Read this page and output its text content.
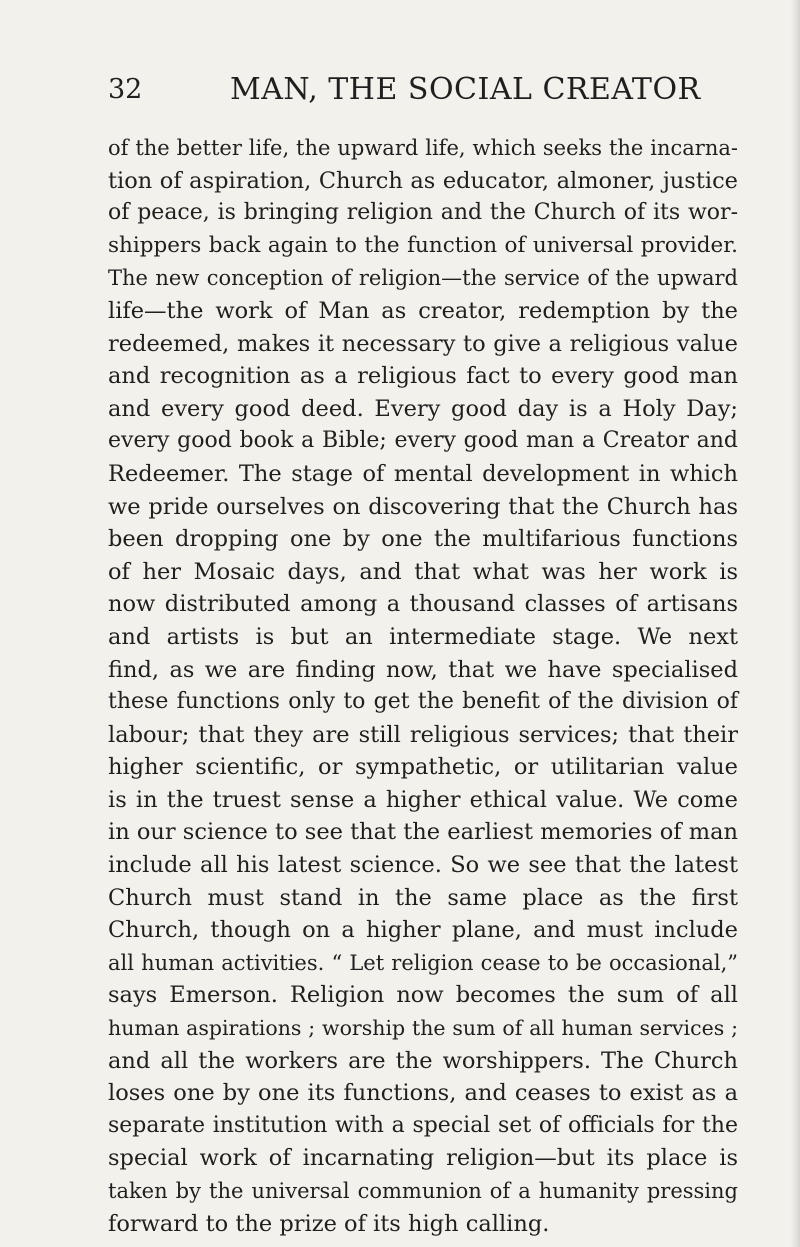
32	MAN, THE SOCIAL CREATOR
of the better life, the upward life, which seeks the incarna-
tion of aspiration, Church as educator, almoner, justice
of peace, is bringing religion and the Church of its wor-
shippers back again to the function of universal provider.
The new conception of religion—the service of the upward
life—the work of Man as creator, redemption by the
redeemed, makes it necessary to give a religious value
and recognition as a religious fact to every good man
and every good deed. Every good day is a Holy Day;
every good book a Bible; every good man a Creator and
Redeemer. The stage of mental development in which
we pride ourselves on discovering that the Church has
been dropping one by one the multifarious functions
of her Mosaic days, and that what was her work is
now distributed among a thousand classes of artisans
and artists is but an intermediate stage. We next
find, as we are finding now, that we have specialised
these functions only to get the benefit of the division of
labour; that they are still religious services; that their
higher scientific, or sympathetic, or utilitarian value
is in the truest sense a higher ethical value. We come
in our science to see that the earliest memories of man
include all his latest science. So we see that the latest
Church must stand in the same place as the first
Church, though on a higher plane, and must include
all human activities. “ Let religion cease to be occasional,”
says Emerson. Religion now becomes the sum of all
human aspirations ; worship the sum of all human services ;
and all the workers are the worshippers. The Church
loses one by one its functions, and ceases to exist as a
separate institution with a special set of officials for the
special work of incarnating religion—but its place is
taken by the universal communion of a humanity pressing
forward to the prize of its high calling.
